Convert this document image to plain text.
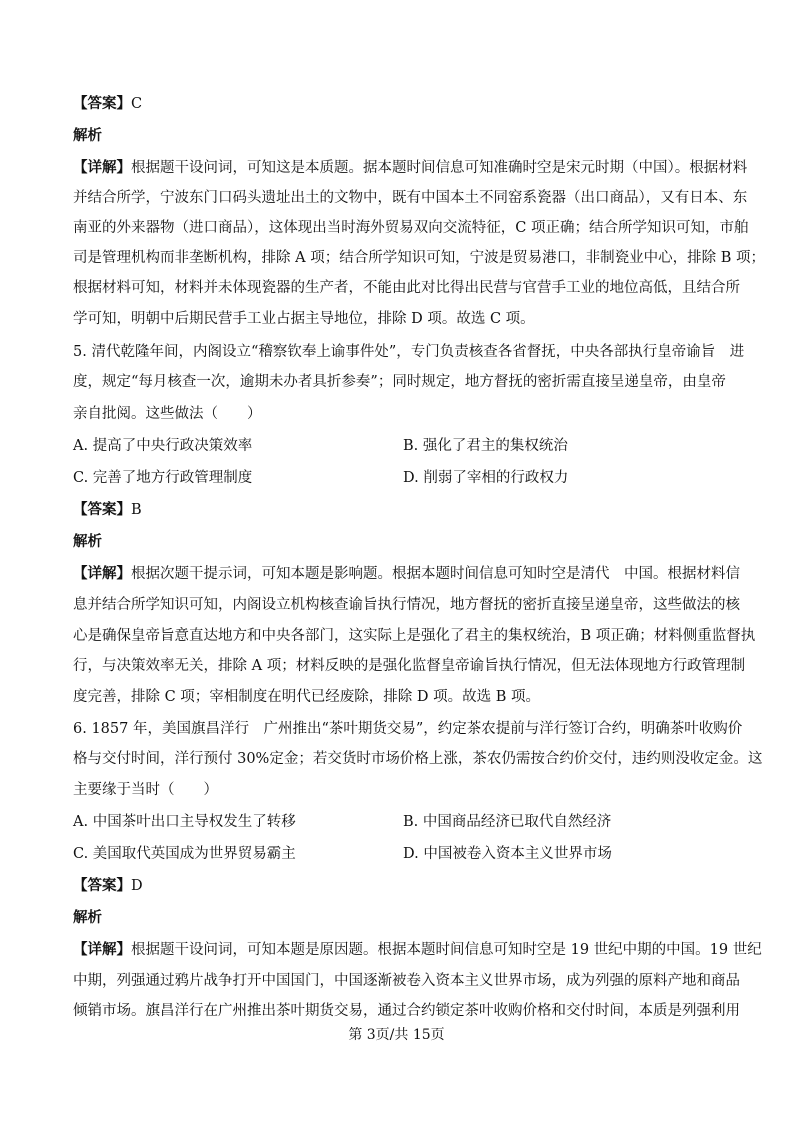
【答案】C
解析
【详解】根据题干设问词，可知这是本质题。据本题时间信息可知准确时空是宋元时期（中国）。根据材料
并结合所学，宁波东门口码头遗址出土的文物中，既有中国本土不同窑系瓷器（出口商品），又有日本、东
南亚的外来器物（进口商品），这体现出当时海外贸易双向交流特征，C 项正确；结合所学知识可知，市舶
司是管理机构而非垄断机构，排除 A 项；结合所学知识可知，宁波是贸易港口，非制瓷业中心，排除 B 项；
根据材料可知，材料并未体现瓷器的生产者，不能由此对比得出民营与官营手工业的地位高低，且结合所
学可知，明朝中后期民营手工业占据主导地位，排除 D 项。故选 C 项。
5. 清代乾隆年间，内阁设立“稽察钦奉上谕事件处”，专门负责核查各省督抚，中央各部执行皇帝谕旨　进
度，规定“每月核查一次，逾期未办者具折参奏”；同时规定，地方督抚的密折需直接呈递皇帝，由皇帝
亲自批阅。这些做法（　　）
A. 提高了中央行政决策效率	B. 强化了君主的集权统治
C. 完善了地方行政管理制度	D. 削弱了宰相的行政权力
【答案】B
解析
【详解】根据次题干提示词，可知本题是影响题。根据本题时间信息可知时空是清代　中国。根据材料信
息并结合所学知识可知，内阁设立机构核查谕旨执行情况，地方督抚的密折直接呈递皇帝，这些做法的核
心是确保皇帝旨意直达地方和中央各部门，这实际上是强化了君主的集权统治，B 项正确；材料侧重监督执
行，与决策效率无关，排除 A 项；材料反映的是强化监督皇帝谕旨执行情况，但无法体现地方行政管理制
度完善，排除 C 项；宰相制度在明代已经废除，排除 D 项。故选 B 项。
6. 1857 年，美国旗昌洋行　广州推出“茶叶期货交易”，约定茶农提前与洋行签订合约，明确茶叶收购价
格与交付时间，洋行预付 30%定金；若交货时市场价格上涨，茶农仍需按合约价交付，违约则没收定金。这
主要缘于当时（　　）
A. 中国茶叶出口主导权发生了转移	B. 中国商品经济已取代自然经济
C. 美国取代英国成为世界贸易霸主	D. 中国被卷入资本主义世界市场
【答案】D
解析
【详解】根据题干设问词，可知本题是原因题。根据本题时间信息可知时空是 19 世纪中期的中国。19 世纪
中期，列强通过鸦片战争打开中国国门，中国逐渐被卷入资本主义世界市场，成为列强的原料产地和商品
倾销市场。旗昌洋行在广州推出茶叶期货交易，通过合约锁定茶叶收购价格和交付时间，本质是列强利用
第 3页/共 15页
